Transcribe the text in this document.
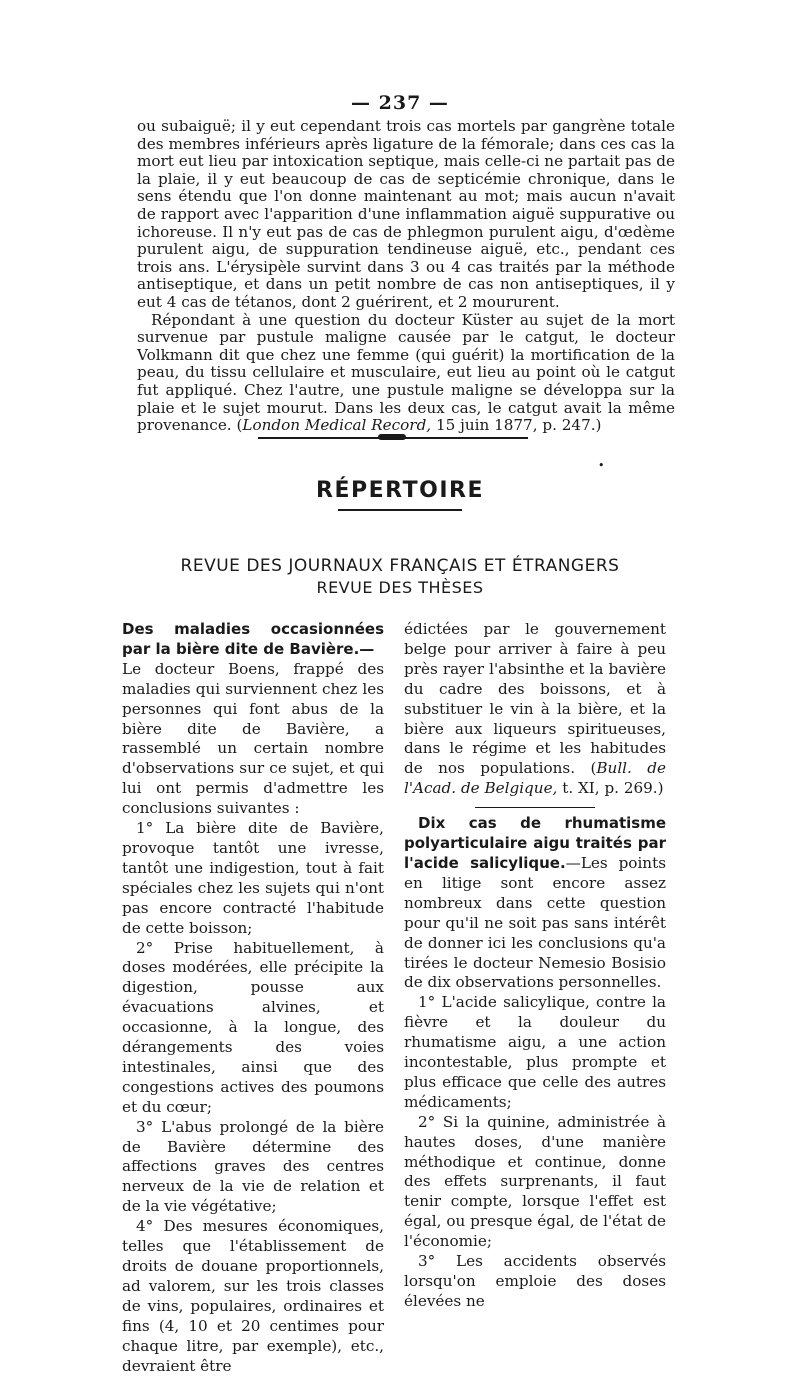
— 237 —

ou subaiguë; il y eut cependant trois cas mortels par gangrène totale des membres inférieurs après ligature de la fémorale; dans ces cas la mort eut lieu par intoxication septique, mais celle-ci ne partait pas de la plaie, il y eut beaucoup de cas de septicémie chronique, dans le sens étendu que l'on donne maintenant au mot; mais aucun n'avait de rapport avec l'apparition d'une inflammation aiguë suppurative ou ichoreuse. Il n'y eut pas de cas de phlegmon purulent aigu, d'œdème purulent aigu, de suppuration tendineuse aiguë, etc., pendant ces trois ans. L'érysipèle survint dans 3 ou 4 cas traités par la méthode antiseptique, et dans un petit nombre de cas non antiseptiques, il y eut 4 cas de tétanos, dont 2 guérirent, et 2 moururent.

Répondant à une question du docteur Küster au sujet de la mort survenue par pustule maligne causée par le catgut, le docteur Volkmann dit que chez une femme (qui guérit) la mortification de la peau, du tissu cellulaire et musculaire, eut lieu au point où le catgut fut appliqué. Chez l'autre, une pustule maligne se développa sur la plaie et le sujet mourut. Dans les deux cas, le catgut avait la même provenance. (London Medical Record, 15 juin 1877, p. 247.)

•
RÉPERTOIRE
REVUE DES JOURNAUX FRANÇAIS ET ÉTRANGERS
REVUE DES THÈSES

Des maladies occasionnées par la bière dite de Bavière.—

Le docteur Boens, frappé des maladies qui surviennent chez les personnes qui font abus de la bière dite de Bavière, a rassemblé un certain nombre d'observations sur ce sujet, et qui lui ont permis d'admettre les conclusions suivantes :

1° La bière dite de Bavière, provoque tantôt une ivresse, tantôt une indigestion, tout à fait spéciales chez les sujets qui n'ont pas encore contracté l'habitude de cette boisson;

2° Prise habituellement, à doses modérées, elle précipite la digestion, pousse aux évacuations alvines, et occasionne, à la longue, des dérangements des voies intestinales, ainsi que des congestions actives des poumons et du cœur;

3° L'abus prolongé de la bière de Bavière détermine des affections graves des centres nerveux de la vie de relation et de la vie végétative;

4° Des mesures économiques, telles que l'établissement de droits de douane proportionnels, ad valorem, sur les trois classes de vins, populaires, ordinaires et fins (4, 10 et 20 centimes pour chaque litre, par exemple), etc., devraient être

édictées par le gouvernement belge pour arriver à faire à peu près rayer l'absinthe et la bavière du cadre des boissons, et à substituer le vin à la bière, et la bière aux liqueurs spiritueuses, dans le régime et les habitudes de nos populations. (Bull. de l'Acad. de Belgique, t. XI, p. 269.)

Dix cas de rhumatisme polyarticulaire aigu traités par l'acide salicylique.—Les points en litige sont encore assez nombreux dans cette question pour qu'il ne soit pas sans intérêt de donner ici les conclusions qu'a tirées le docteur Nemesio Bosisio de dix observations personnelles.

1° L'acide salicylique, contre la fièvre et la douleur du rhumatisme aigu, a une action incontestable, plus prompte et plus efficace que celle des autres médicaments;

2° Si la quinine, administrée à hautes doses, d'une manière méthodique et continue, donne des effets surprenants, il faut tenir compte, lorsque l'effet est égal, ou presque égal, de l'état de l'économie;

3° Les accidents observés lorsqu'on emploie des doses élevées ne
